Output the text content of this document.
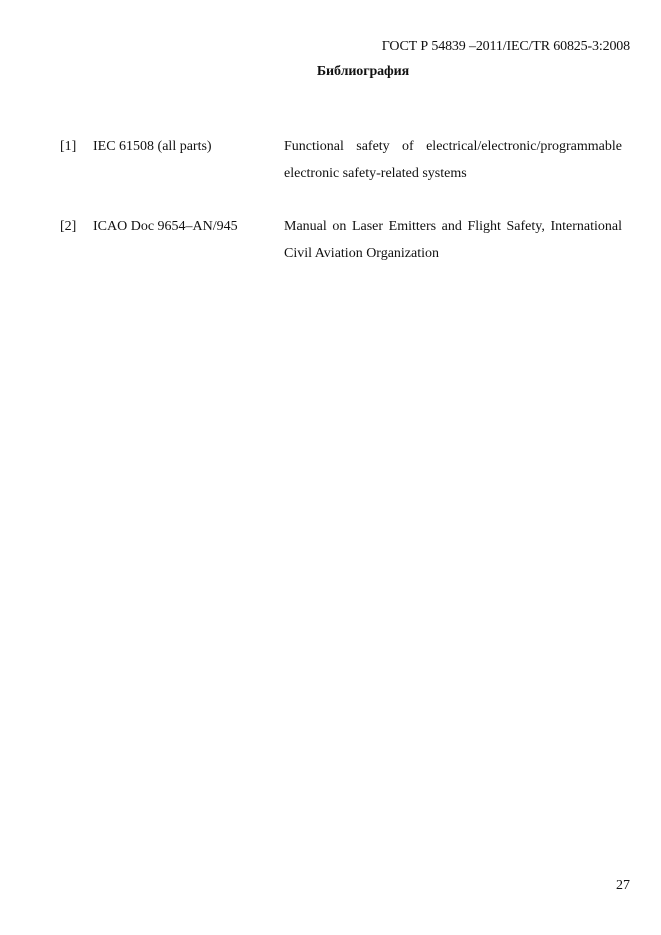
ГОСТ Р 54839 –2011/IEC/TR 60825-3:2008
Библиография
[1] IEC 61508 (all parts)	Functional safety of electrical/electronic/programmable electronic safety-related systems
[2] ICAO Doc 9654–AN/945	Manual on Laser Emitters and Flight Safety, International Civil Aviation Organization
27
